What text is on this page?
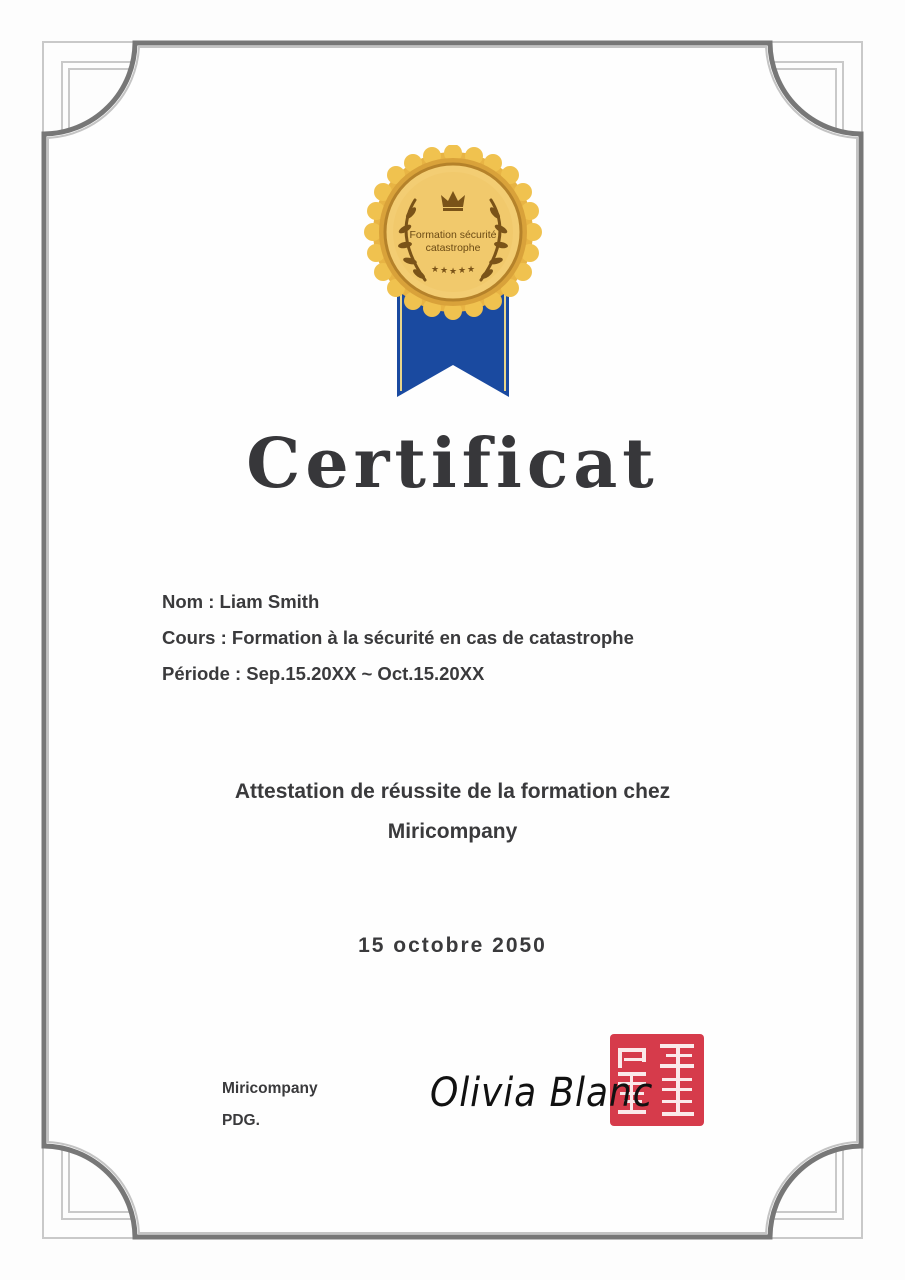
★ ★ ★ ★ ★
Formation sécurité
catastrophe
Certificat
Nom : Liam Smith
Cours : Formation à la sécurité en cas de catastrophe
Période : Sep.15.20XX ~ Oct.15.20XX
Attestation de réussite de la formation chez
Miricompany
15 octobre 2050
Miricompany
PDG.
Olivia Blanc
